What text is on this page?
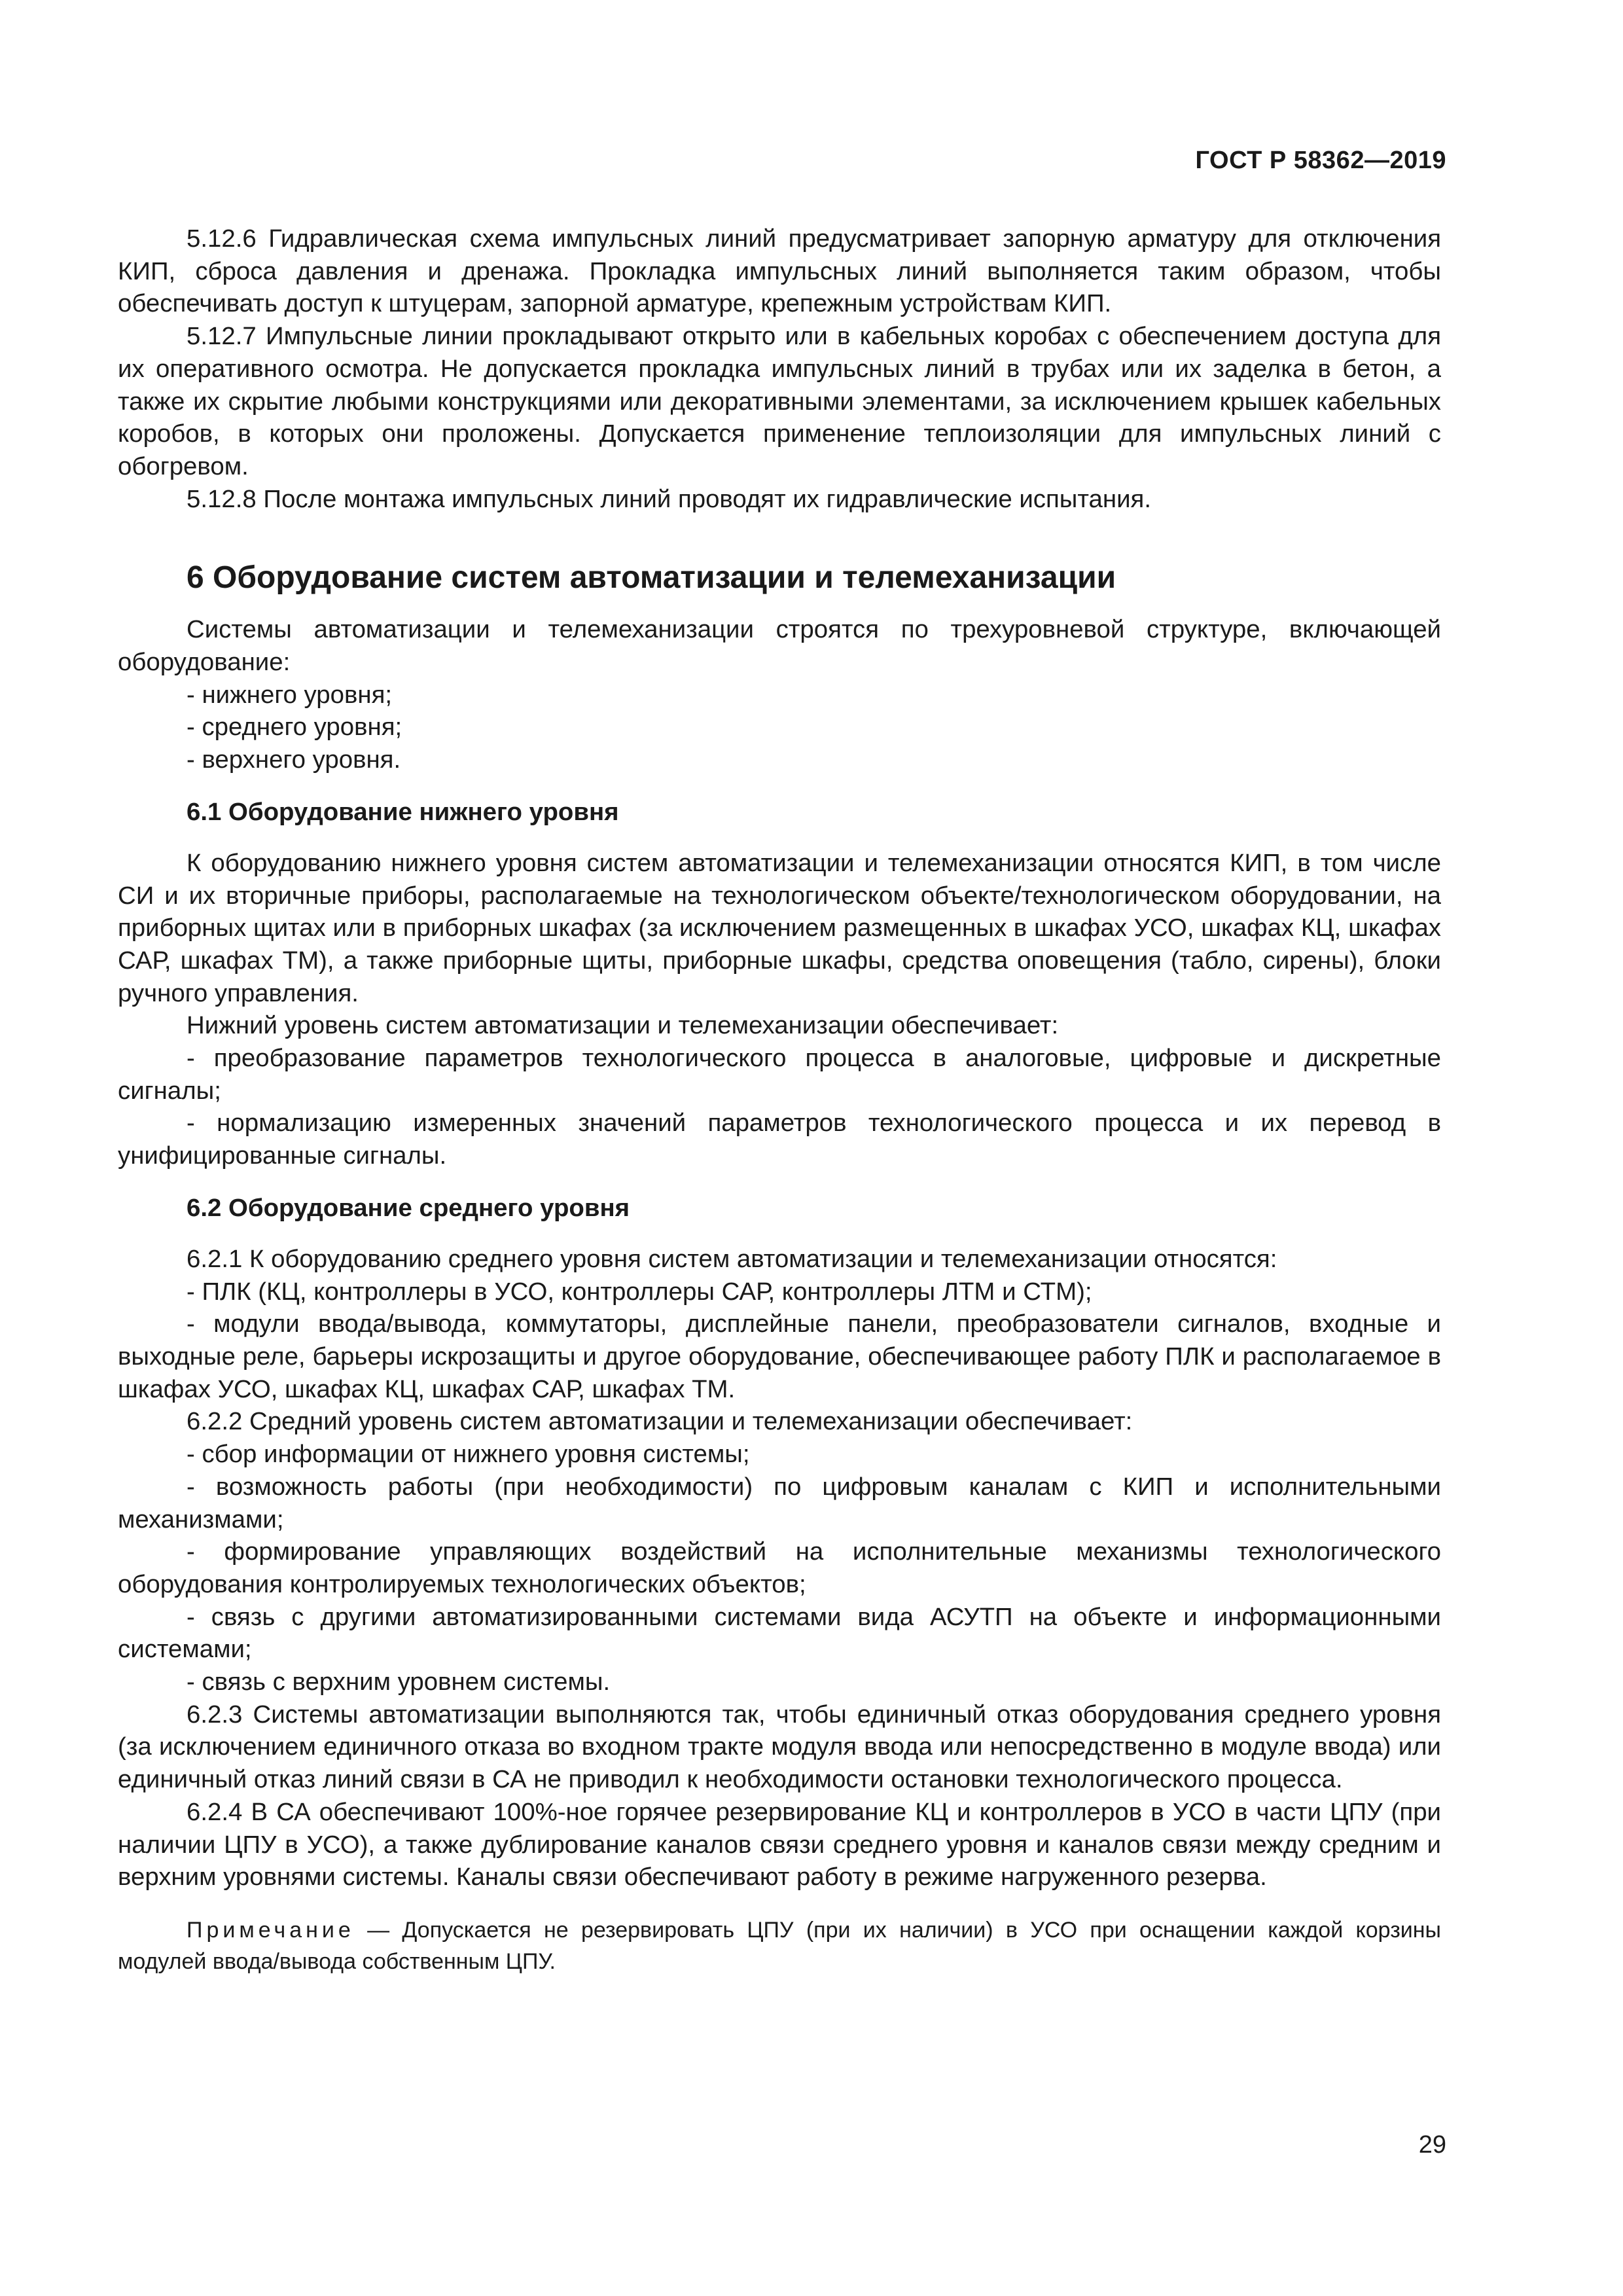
ГОСТ Р 58362—2019

5.12.6 Гидравлическая схема импульсных линий предусматривает запорную арматуру для отключения КИП, сброса давления и дренажа. Прокладка импульсных линий выполняется таким образом, чтобы обеспечивать доступ к штуцерам, запорной арматуре, крепежным устройствам КИП.

5.12.7 Импульсные линии прокладывают открыто или в кабельных коробах с обеспечением доступа для их оперативного осмотра. Не допускается прокладка импульсных линий в трубах или их заделка в бетон, а также их скрытие любыми конструкциями или декоративными элементами, за исключением крышек кабельных коробов, в которых они проложены. Допускается применение теплоизоляции для импульсных линий с обогревом.

5.12.8 После монтажа импульсных линий проводят их гидравлические испытания.

6 Оборудование систем автоматизации и телемеханизации

Системы автоматизации и телемеханизации строятся по трехуровневой структуре, включающей оборудование:

- нижнего уровня;

- среднего уровня;

- верхнего уровня.

6.1 Оборудование нижнего уровня

К оборудованию нижнего уровня систем автоматизации и телемеханизации относятся КИП, в том числе СИ и их вторичные приборы, располагаемые на технологическом объекте/технологическом оборудовании, на приборных щитах или в приборных шкафах (за исключением размещенных в шкафах УСО, шкафах КЦ, шкафах САР, шкафах ТМ), а также приборные щиты, приборные шкафы, средства оповещения (табло, сирены), блоки ручного управления.

Нижний уровень систем автоматизации и телемеханизации обеспечивает:

- преобразование параметров технологического процесса в аналоговые, цифровые и дискретные сигналы;

- нормализацию измеренных значений параметров технологического процесса и их перевод в унифицированные сигналы.

6.2 Оборудование среднего уровня

6.2.1 К оборудованию среднего уровня систем автоматизации и телемеханизации относятся:

- ПЛК (КЦ, контроллеры в УСО, контроллеры САР, контроллеры ЛТМ и СТМ);

- модули ввода/вывода, коммутаторы, дисплейные панели, преобразователи сигналов, входные и выходные реле, барьеры искрозащиты и другое оборудование, обеспечивающее работу ПЛК и располагаемое в шкафах УСО, шкафах КЦ, шкафах САР, шкафах ТМ.

6.2.2 Средний уровень систем автоматизации и телемеханизации обеспечивает:

- сбор информации от нижнего уровня системы;

- возможность работы (при необходимости) по цифровым каналам с КИП и исполнительными механизмами;

- формирование управляющих воздействий на исполнительные механизмы технологического оборудования контролируемых технологических объектов;

- связь с другими автоматизированными системами вида АСУТП на объекте и информационными системами;

- связь с верхним уровнем системы.

6.2.3 Системы автоматизации выполняются так, чтобы единичный отказ оборудования среднего уровня (за исключением единичного отказа во входном тракте модуля ввода или непосредственно в модуле ввода) или единичный отказ линий связи в СА не приводил к необходимости остановки технологического процесса.

6.2.4 В СА обеспечивают 100%-ное горячее резервирование КЦ и контроллеров в УСО в части ЦПУ (при наличии ЦПУ в УСО), а также дублирование каналов связи среднего уровня и каналов связи между средним и верхним уровнями системы. Каналы связи обеспечивают работу в режиме нагруженного резерва.

Примечание — Допускается не резервировать ЦПУ (при их наличии) в УСО при оснащении каждой корзины модулей ввода/вывода собственным ЦПУ.

29
